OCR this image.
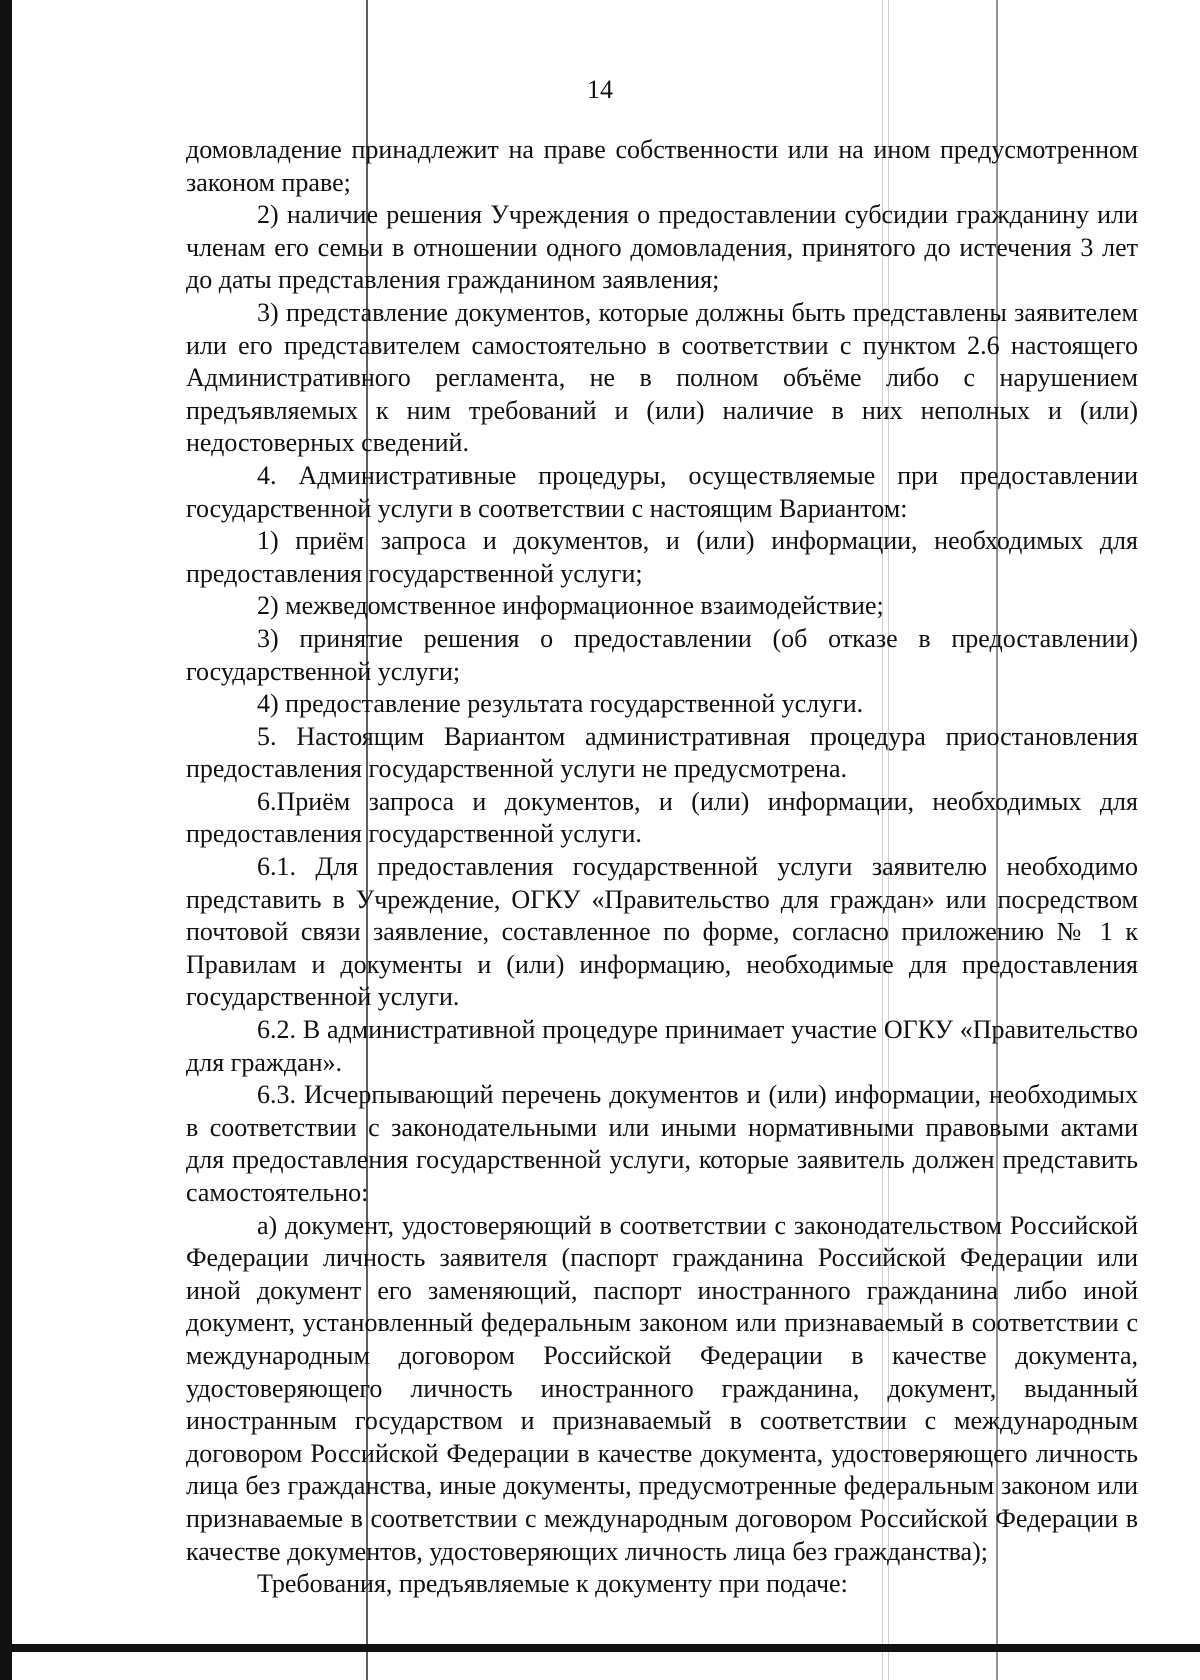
14

домовладение принадлежит на праве собственности или на ином предусмотренном законом праве;

2) наличие решения Учреждения о предоставлении субсидии гражданину или членам его семьи в отношении одного домовладения, принятого до истечения 3 лет до даты представления гражданином заявления;

3) представление документов, которые должны быть представлены заявителем или его представителем самостоятельно в соответствии с пунктом 2.6 настоящего Административного регламента, не в полном объёме либо с нарушением предъявляемых к ним требований и (или) наличие в них неполных и (или) недостоверных сведений.

4. Административные процедуры, осуществляемые при предоставлении государственной услуги в соответствии с настоящим Вариантом:

1) приём запроса и документов, и (или) информации, необходимых для предоставления государственной услуги;

2) межведомственное информационное взаимодействие;

3) принятие решения о предоставлении (об отказе в предоставлении) государственной услуги;

4) предоставление результата государственной услуги.

5. Настоящим Вариантом административная процедура приостановления предоставления государственной услуги не предусмотрена.

6.Приём запроса и документов, и (или) информации, необходимых для предоставления государственной услуги.

6.1. Для предоставления государственной услуги заявителю необходимо представить в Учреждение, ОГКУ «Правительство для граждан» или посредством почтовой связи заявление, составленное по форме, согласно приложению № 1 к Правилам и документы и (или) информацию, необходимые для предоставления государственной услуги.

6.2. В административной процедуре принимает участие ОГКУ «Правительство для граждан».

6.3. Исчерпывающий перечень документов и (или) информации, необходимых в соответствии с законодательными или иными нормативными правовыми актами для предоставления государственной услуги, которые заявитель должен представить самостоятельно:

а) документ, удостоверяющий в соответствии с законодательством Российской Федерации личность заявителя (паспорт гражданина Российской Федерации или иной документ его заменяющий, паспорт иностранного гражданина либо иной документ, установленный федеральным законом или признаваемый в соответствии с международным договором Российской Федерации в качестве документа, удостоверяющего личность иностранного гражданина, документ, выданный иностранным государством и признаваемый в соответствии с международным договором Российской Федерации в качестве документа, удостоверяющего личность лица без гражданства, иные документы, предусмотренные федеральным законом или признаваемые в соответствии с международным договором Российской Федерации в качестве документов, удостоверяющих личность лица без гражданства);

Требования, предъявляемые к документу при подаче:
